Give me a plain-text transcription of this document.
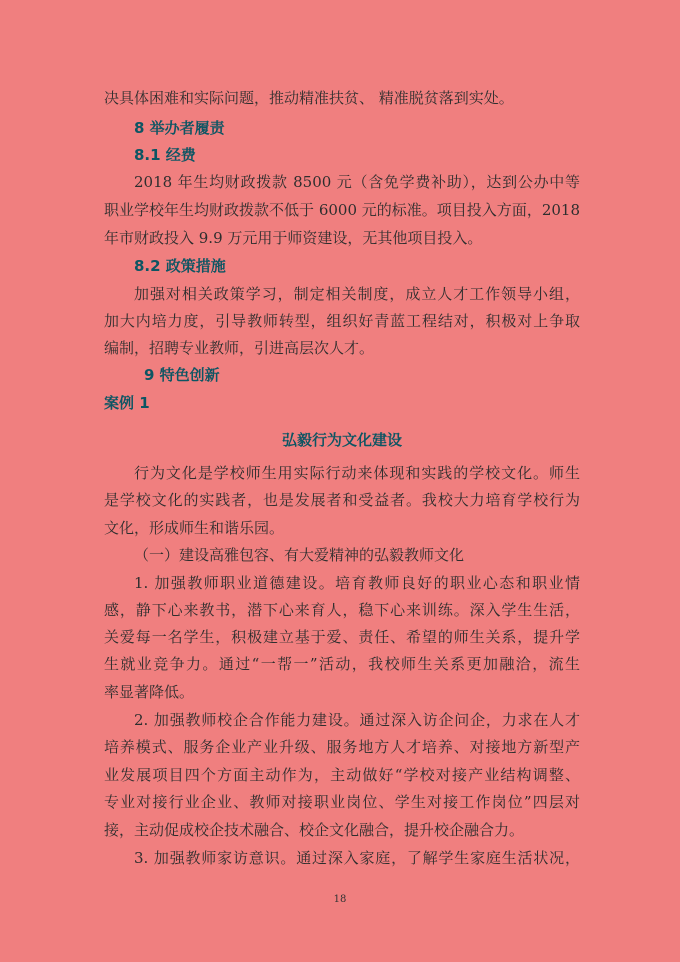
决具体困难和实际问题，推动精准扶贫、 精准脱贫落到实处。
8 举办者履责
8.1 经费
2018 年生均财政拨款 8500 元（含免学费补助），达到公办中等
职业学校年生均财政拨款不低于 6000 元的标准。项目投入方面，2018
年市财政投入 9.9 万元用于师资建设，无其他项目投入。
8.2 政策措施
加强对相关政策学习，制定相关制度，成立人才工作领导小组，
加大内培力度，引导教师转型，组织好青蓝工程结对，积极对上争取
编制，招聘专业教师，引进高层次人才。
9 特色创新
案例 1
弘毅行为文化建设
行为文化是学校师生用实际行动来体现和实践的学校文化。师生
是学校文化的实践者，也是发展者和受益者。我校大力培育学校行为
文化，形成师生和谐乐园。
（一）建设高雅包容、有大爱精神的弘毅教师文化
1. 加强教师职业道德建设。培育教师良好的职业心态和职业情
感，静下心来教书，潜下心来育人，稳下心来训练。深入学生生活，
关爱每一名学生，积极建立基于爱、责任、希望的师生关系，提升学
生就业竞争力。通过“一帮一”活动，我校师生关系更加融洽，流生
率显著降低。
2. 加强教师校企合作能力建设。通过深入访企问企，力求在人才
培养模式、服务企业产业升级、服务地方人才培养、对接地方新型产
业发展项目四个方面主动作为，主动做好“学校对接产业结构调整、
专业对接行业企业、教师对接职业岗位、学生对接工作岗位”四层对
接，主动促成校企技术融合、校企文化融合，提升校企融合力。
3. 加强教师家访意识。通过深入家庭，了解学生家庭生活状况，
18
